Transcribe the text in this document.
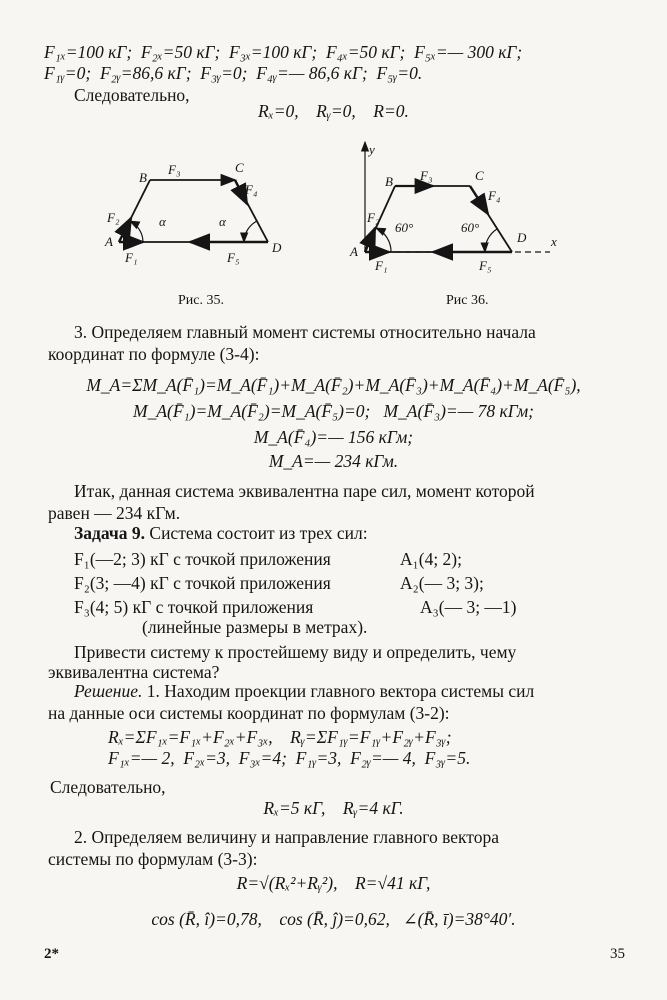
F₁ₓ=100 кГ;  F₂ₓ=50 кГ;  F₃ₓ=100 кГ;  F₄ₓ=50 кГ;  F₅ₓ=— 300 кГ;
F₁ᵧ=0;  F₂ᵧ=86,6 кГ;  F₃ᵧ=0;  F₄ᵧ=— 86,6 кГ;  F₅ᵧ=0.
Следовательно,
Rₓ=0,    Rᵧ=0,    R=0.
B
C
A	D
F₃
F₄
F₂
F₁	F₅
α	α
y
x
B	C
A
D
F₃
F₄
F₂
F₁	F₅
60°	60°
Рис. 35.	Рис 36.
3. Определяем главный момент системы относительно начала
координат по формуле (3-4):
M_A=ΣM_A(F̄₁)=M_A(F̄₁)+M_A(F̄₂)+M_A(F̄₃)+M_A(F̄₄)+M_A(F̄₅),
M_A(F̄₁)=M_A(F̄₂)=M_A(F̄₅)=0;   M_A(F̄₃)=— 78 кГм;
M_A(F̄₄)=— 156 кГм;
M_A=— 234 кГм.
Итак, данная система эквивалентна паре сил, момент которой
равен — 234 кГм.
Задача 9. Система состоит из трех сил:
F₁(—2; 3) кГ с точкой приложения	A₁(4; 2);
F₂(3; —4) кГ с точкой приложения	A₂(— 3; 3);
F₃(4; 5) кГ с точкой приложения	A₃(— 3; —1)
(линейные размеры в метрах).
Привести систему к простейшему виду и определить, чему
эквивалентна система?
Решение. 1. Находим проекции главного вектора системы сил
на данные оси системы координат по формулам (3-2):
Rₓ=ΣF₁ₓ=F₁ₓ+F₂ₓ+F₃ₓ,    Rᵧ=ΣF₁ᵧ=F₁ᵧ+F₂ᵧ+F₃ᵧ;
F₁ₓ=— 2,  F₂ₓ=3,  F₃ₓ=4;  F₁ᵧ=3,  F₂ᵧ=— 4,  F₃ᵧ=5.
Следовательно,
Rₓ=5 кГ,    Rᵧ=4 кГ.
2. Определяем величину и направление главного вектора
системы по формулам (3-3):
R=√(Rₓ²+Rᵧ²),    R=√41 кГ,
cos (R̄, î)=0,78,    cos (R̄, ĵ)=0,62,   ∠(R̄, ī)=38°40′.
2*	35
